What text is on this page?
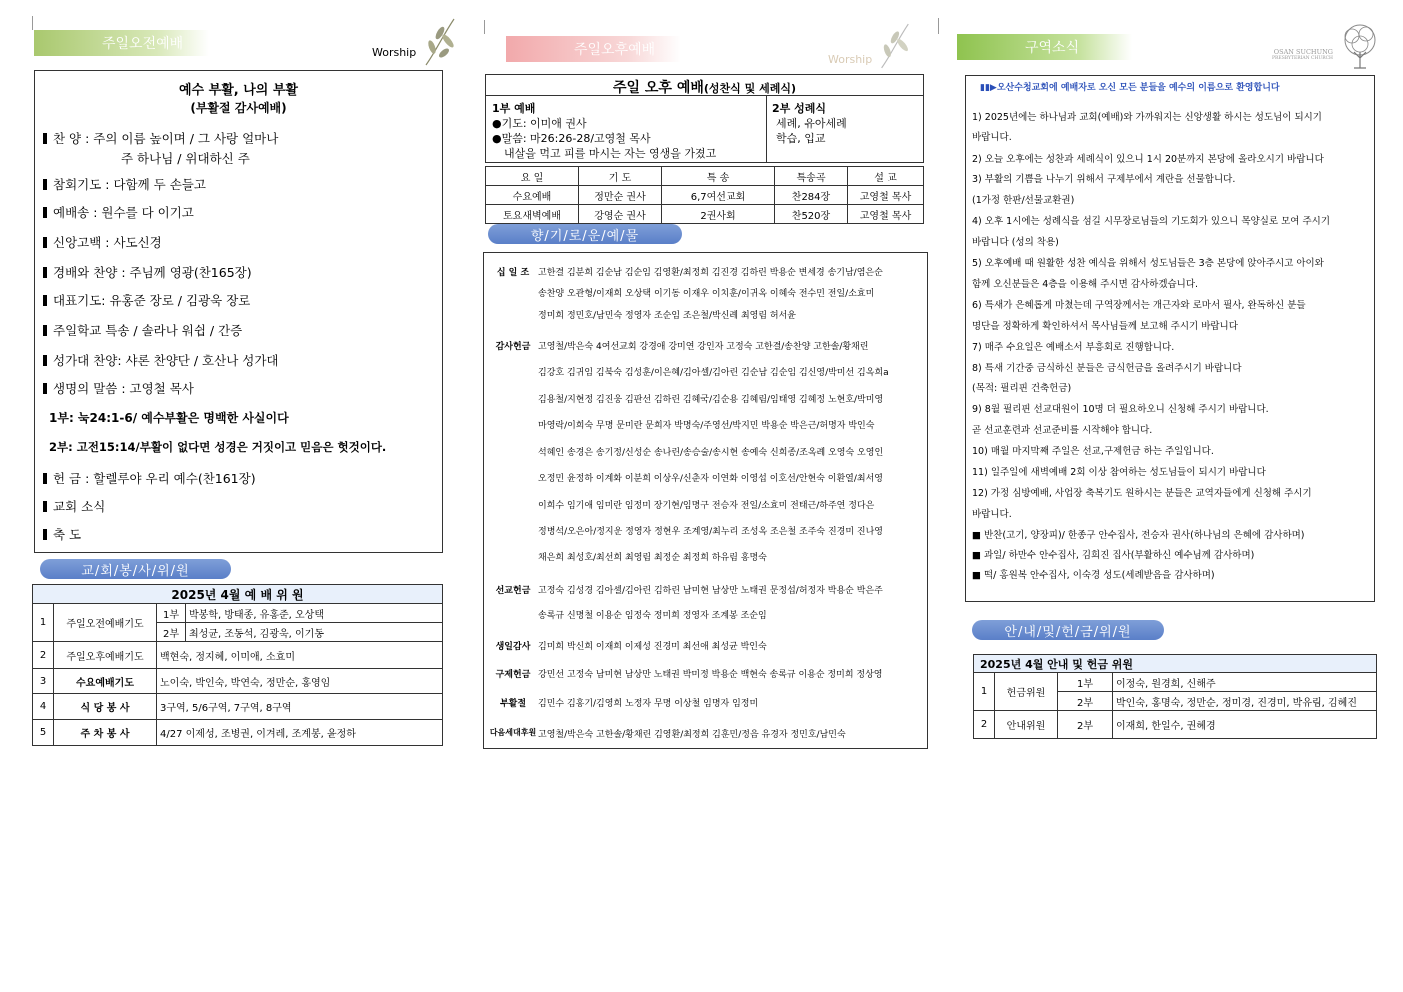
주일오전예배	Worship
예수 부활, 나의 부활
(부활절 감사예배)
찬 양 : 주의 이름 높이며 / 그 사랑 얼마나
주 하나님 / 위대하신 주
참회기도 : 다함께 두 손들고
예배송 : 원수를 다 이기고
신앙고백 : 사도신경
경배와 찬양 : 주님께 영광(찬165장)
대표기도: 유홍준 장로 / 김광욱 장로
주일학교 특송 / 솔라나 워쉽 / 간증
성가대 찬양: 샤론 찬양단 / 호산나 성가대
생명의 말씀 : 고영철 목사
1부: 눅24:1-6/ 예수부활은 명백한 사실이다
2부: 고전15:14/부활이 없다면 성경은 거짓이고 믿음은 헛것이다.
헌 금 : 할렐루야 우리 예수(찬161장)
교회 소식
축 도
교/회/봉/사/위/원
2025년 4월 예 배 위 원			
1	주일오전예배기도	1부	박봉학, 방태종, 유홍준, 오상택
		2부	최성균, 조동석, 김광욱, 이기동
2	주일오후예배기도	백현숙, 정지혜, 이미애, 소효미	
3	수요예배기도	노이숙, 박인숙, 박연숙, 정만순, 홍영임	
4	식 당 봉 사	3구역, 5/6구역, 7구역, 8구역	
5	주 차 봉 사	4/27 이제성, 조병권, 이겨레, 조계봉, 윤정하	
주일오후예배
Worship
주일 오후 예배(성찬식 및 세례식)
1부 예배
●기도: 이미애 권사
●말씀: 마26:26-28/고영철 목사
내살을 먹고 피를 마시는 자는 영생을 가졌고
2부 성례식
세례, 유아세례
학습, 입교
요 일	기 도	특 송	특송곡	설 교
수요예배	정만순 권사	6,7여선교회	찬284장	고영철 목사
토요새벽예배	강영순 권사	2권사회	찬520장	고영철 목사
향/기/로/운/예/물
십 일 조 고한결 김분희 김순남 김순임 김영환/최정희 김진경 김하린 박용순 변세경 송기남/염은순
송찬양 오관형/이재희 오상택 이기동 이재우 이치훈/이귀옥 이혜숙 전수민 전일/소효미
정미희 정민호/남민숙 정영자 조순임 조은철/박신례 최영림 허서윤
감사헌금 고영철/박은숙 4여선교회 강경애 강미연 강인자 고정숙 고한결/송찬양 고한솔/황채린
김강호 김귀임 김북숙 김성훈/이은혜/김아셀/김아린 김순남 김순임 김신영/박미선 김옥희a
김용철/지현정 김진웅 김판선 김하린 김혜국/김순용 김혜림/임태영 김혜정 노현호/박미영
마영락/이희숙 무명 문미란 문희자 박명숙/주영선/박지민 박용순 박은근/허명자 박인숙
석혜인 송경은 송기정/신성순 송나린/송승술/송시현 송예숙 신희종/조옥례 오영숙 오영인
오정민 윤정하 이계화 이분희 이상우/신춘자 이연화 이영섭 이호선/안현숙 이환열/최서영
이희수 임기애 임미란 임정미 장기현/임명구 전승자 전일/소효미 전태근/하주연 정다은
정병석/오은아/정지운 정영자 정현우 조계영/최누리 조성옥 조은철 조주숙 진경미 진나영
채은희 최성호/최선희 최영림 최정순 최정희 하유림 홍명숙
선교헌금 고정숙 김성경 김아셀/김아린 김하린 남미현 남상만 노태권 문정섭/허정자 박용순 박은주
송록규 신명철 이용순 임정숙 정미희 정영자 조계봉 조순임
생일감사 김미희 박신희 이재희 이제성 진경미 최선애 최성균 박인숙
구제헌금 강민선 고정숙 남미현 남상만 노태권 박미정 박용순 백현숙 송록규 이용순 정미희 정상영
부활절	김민수 김홍기/김영희 노정자 무명 이상철 임명자 임정미
다음세대후원 고영철/박은숙 고한솔/황채린 김영환/최정희 김훈민/정음 유경자 정민호/남민숙
구역소식	OSAN SUCHUNG
PRESBYTERIAN CHURCH
▮▮▶오산수청교회에 예배자로 오신 모든 분들을 예수의 이름으로 환영합니다
1) 2025년에는 하나님과 교회(예배)와 가까워지는 신앙생활 하시는 성도님이 되시기
바랍니다.
2) 오늘 오후에는 성찬과 세례식이 있으니 1시 20분까지 본당에 올라오시기 바랍니다
3) 부활의 기쁨을 나누기 위해서 구제부에서 계란을 선물합니다.
(1가정 한판/선물교환권)
4) 오후 1시에는 성례식을 섬길 시무장로님들의 기도회가 있으니 목양실로 모여 주시기
바랍니다 (성의 착용)
5) 오후예배 때 원활한 성찬 예식을 위해서 성도님들은 3층 본당에 앉아주시고 아이와
함께 오신분들은 4층을 이용해 주시면 감사하겠습니다.
6) 특새가 은혜롭게 마쳤는데 구역장께서는 개근자와 로마서 필사, 완독하신 분들
명단을 정확하게 확인하셔서 목사님들께 보고해 주시기 바랍니다
7) 매주 수요일은 예배소서 부흥회로 진행합니다.
8) 특새 기간중 금식하신 분들은 금식헌금을 올려주시기 바랍니다
(목적: 필리핀 건축헌금)
9) 8월 필리핀 선교대원이 10명 더 필요하오니 신청해 주시기 바랍니다.
곧 선교훈련과 선교준비를 시작해야 합니다.
10) 매월 마지막째 주일은 선교,구제헌금 하는 주일입니다.
11) 일주일에 새벽예배 2회 이상 참여하는 성도님들이 되시기 바랍니다
12) 가정 심방예배, 사업장 축복기도 원하시는 분들은 교역자들에게 신청해 주시기
바랍니다.
■ 반찬(고기, 양장피)/ 한종구 안수집사, 전승자 권사(하나님의 은혜에 감사하며)
■ 과일/ 하만수 안수집사, 김희진 집사(부활하신 예수님께 감사하며)
■ 떡/ 홍원복 안수집사, 이숙경 성도(세례받음을 감사하며)
안/내/및/헌/금/위/원
2025년 4월 안내 및 헌금 위원			
1	헌금위원	1부	이정숙, 원경희, 신해주
		2부	박인숙, 홍명숙, 정만순, 정미경, 진경미, 박유림, 김혜진
2	안내위원	2부	이재희, 한일수, 권혜경
